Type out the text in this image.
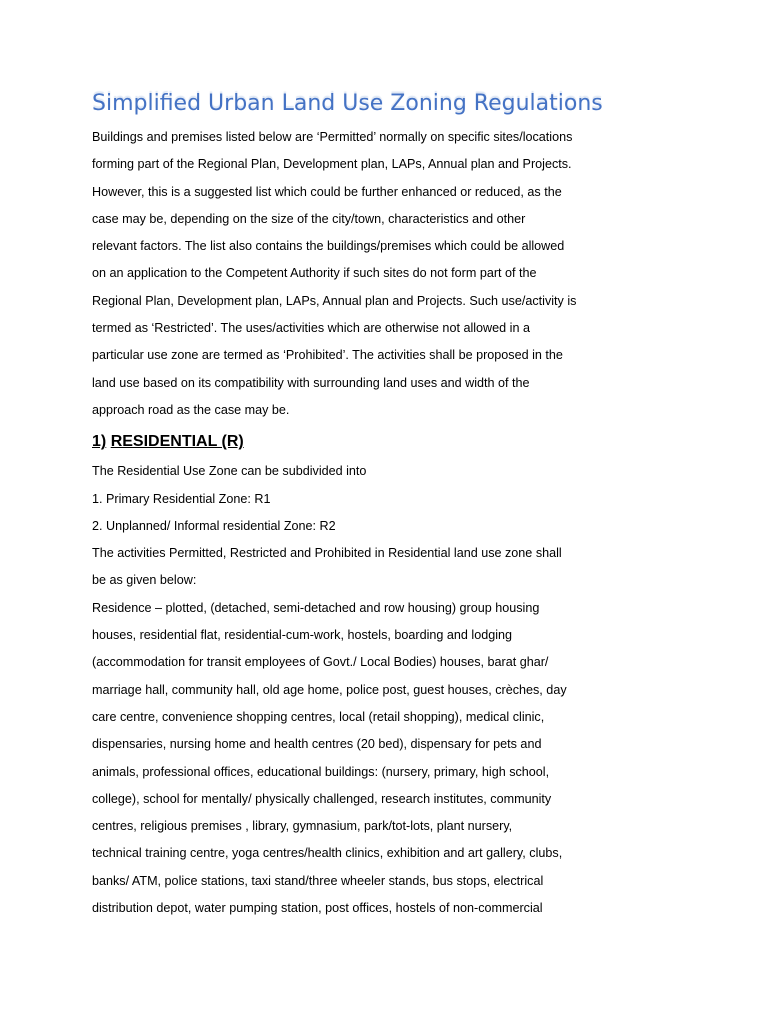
Simplified Urban Land Use Zoning Regulations
Buildings and premises listed below are ‘Permitted’ normally on specific sites/locations
forming part of the Regional Plan, Development plan, LAPs, Annual plan and Projects.
However, this is a suggested list which could be further enhanced or reduced, as the
case may be, depending on the size of the city/town, characteristics and other
relevant factors. The list also contains the buildings/premises which could be allowed
on an application to the Competent Authority if such sites do not form part of the
Regional Plan, Development plan, LAPs, Annual plan and Projects. Such use/activity is
termed as ‘Restricted’. The uses/activities which are otherwise not allowed in a
particular use zone are termed as ‘Prohibited’. The activities shall be proposed in the
land use based on its compatibility with surrounding land uses and width of the
approach road as the case may be.
1) RESIDENTIAL (R)

The Residential Use Zone can be subdivided into

1. Primary Residential Zone: R1

2. Unplanned/ Informal residential Zone: R2

The activities Permitted, Restricted and Prohibited in Residential land use zone shall
be as given below:
Residence – plotted, (detached, semi-detached and row housing) group housing
houses, residential flat, residential-cum-work, hostels, boarding and lodging
(accommodation for transit employees of Govt./ Local Bodies) houses, barat ghar/
marriage hall, community hall, old age home, police post, guest houses, crèches, day
care centre, convenience shopping centres, local (retail shopping), medical clinic,
dispensaries, nursing home and health centres (20 bed), dispensary for pets and
animals, professional offices, educational buildings: (nursery, primary, high school,
college), school for mentally/ physically challenged, research institutes, community
centres, religious premises , library, gymnasium, park/tot-lots, plant nursery,
technical training centre, yoga centres/health clinics, exhibition and art gallery, clubs,
banks/ ATM, police stations, taxi stand/three wheeler stands, bus stops, electrical
distribution depot, water pumping station, post offices, hostels of non-commercial
